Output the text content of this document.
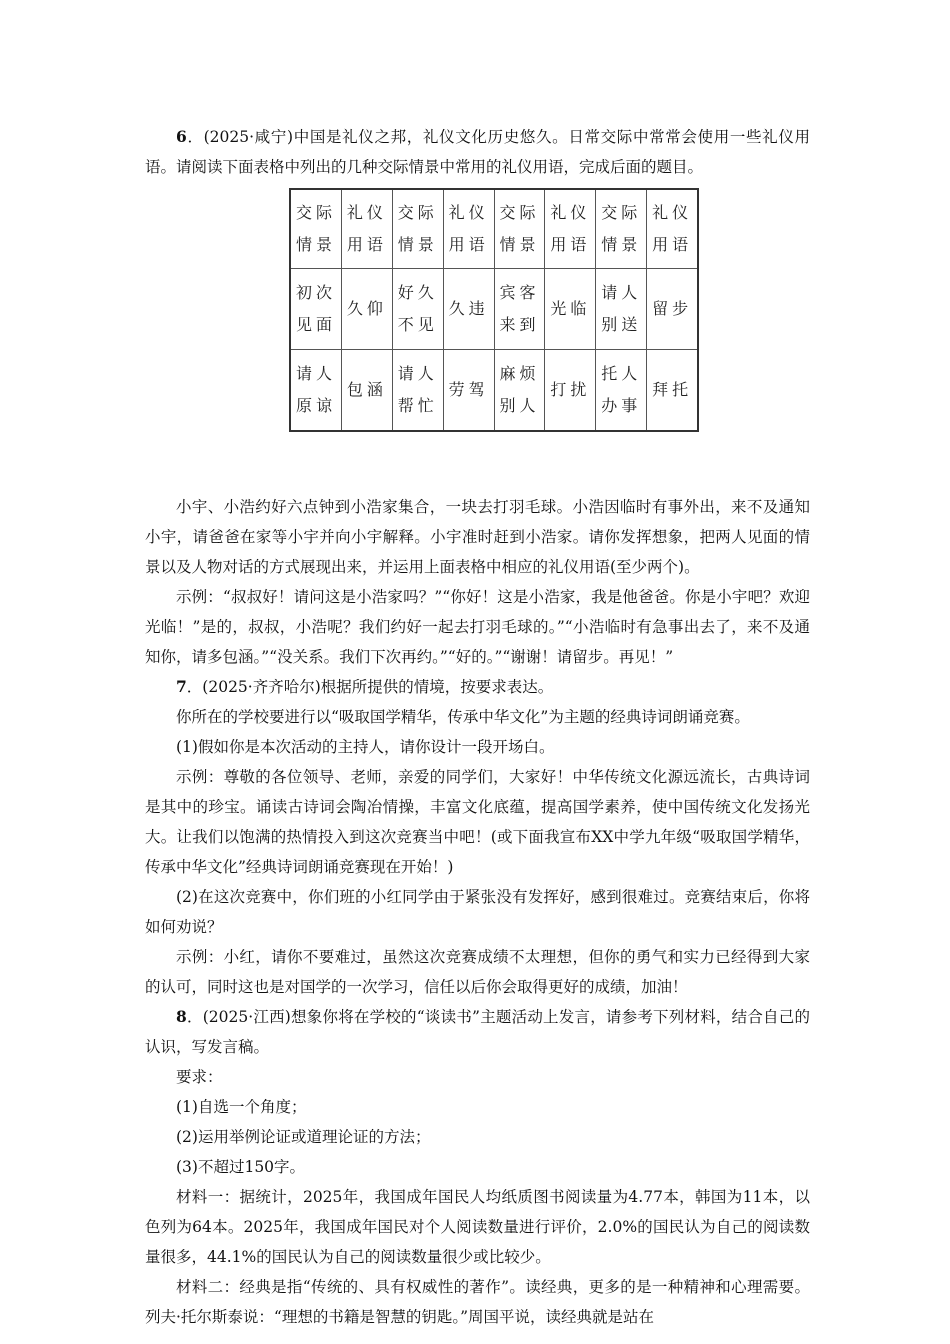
6．(2025·咸宁)中国是礼仪之邦，礼仪文化历史悠久。日常交际中常常会使用一些礼仪用语。请阅读下面表格中列出的几种交际情景中常用的礼仪用语，完成后面的题目。

交际情景	礼仪用语	交际情景	礼仪用语	交际情景	礼仪用语	交际情景	礼仪用语
初次见面	久仰	好久不见	久违	宾客来到	光临	请人别送	留步
请人原谅	包涵	请人帮忙	劳驾	麻烦别人	打扰	托人办事	拜托

小宇、小浩约好六点钟到小浩家集合，一块去打羽毛球。小浩因临时有事外出，来不及通知小宇，请爸爸在家等小宇并向小宇解释。小宇准时赶到小浩家。请你发挥想象，把两人见面的情景以及人物对话的方式展现出来，并运用上面表格中相应的礼仪用语(至少两个)。

示例：“叔叔好！请问这是小浩家吗？”“你好！这是小浩家，我是他爸爸。你是小宇吧？欢迎光临！”是的，叔叔，小浩呢？我们约好一起去打羽毛球的。”“小浩临时有急事出去了，来不及通知你，请多包涵。”“没关系。我们下次再约。”“好的。”“谢谢！请留步。再见！”

7．(2025·齐齐哈尔)根据所提供的情境，按要求表达。

你所在的学校要进行以“吸取国学精华，传承中华文化”为主题的经典诗词朗诵竞赛。

(1)假如你是本次活动的主持人，请你设计一段开场白。

示例：尊敬的各位领导、老师，亲爱的同学们，大家好！中华传统文化源远流长，古典诗词是其中的珍宝。诵读古诗词会陶冶情操，丰富文化底蕴，提高国学素养，使中国传统文化发扬光大。让我们以饱满的热情投入到这次竞赛当中吧！(或下面我宣布XX中学九年级“吸取国学精华，传承中华文化”经典诗词朗诵竞赛现在开始！)

(2)在这次竞赛中，你们班的小红同学由于紧张没有发挥好，感到很难过。竞赛结束后，你将如何劝说？

示例：小红，请你不要难过，虽然这次竞赛成绩不太理想，但你的勇气和实力已经得到大家的认可，同时这也是对国学的一次学习，信任以后你会取得更好的成绩，加油！

8．(2025·江西)想象你将在学校的“谈读书”主题活动上发言，请参考下列材料，结合自己的认识，写发言稿。

要求：

(1)自选一个角度；

(2)运用举例论证或道理论证的方法；

(3)不超过150字。

材料一：据统计，2025年，我国成年国民人均纸质图书阅读量为4.77本，韩国为11本，以色列为64本。2025年，我国成年国民对个人阅读数量进行评价，2.0%的国民认为自己的阅读数量很多，44.1%的国民认为自己的阅读数量很少或比较少。

材料二：经典是指“传统的、具有权威性的著作”。读经典，更多的是一种精神和心理需要。列夫·托尔斯泰说：“理想的书籍是智慧的钥匙。”周国平说，读经典就是站在
